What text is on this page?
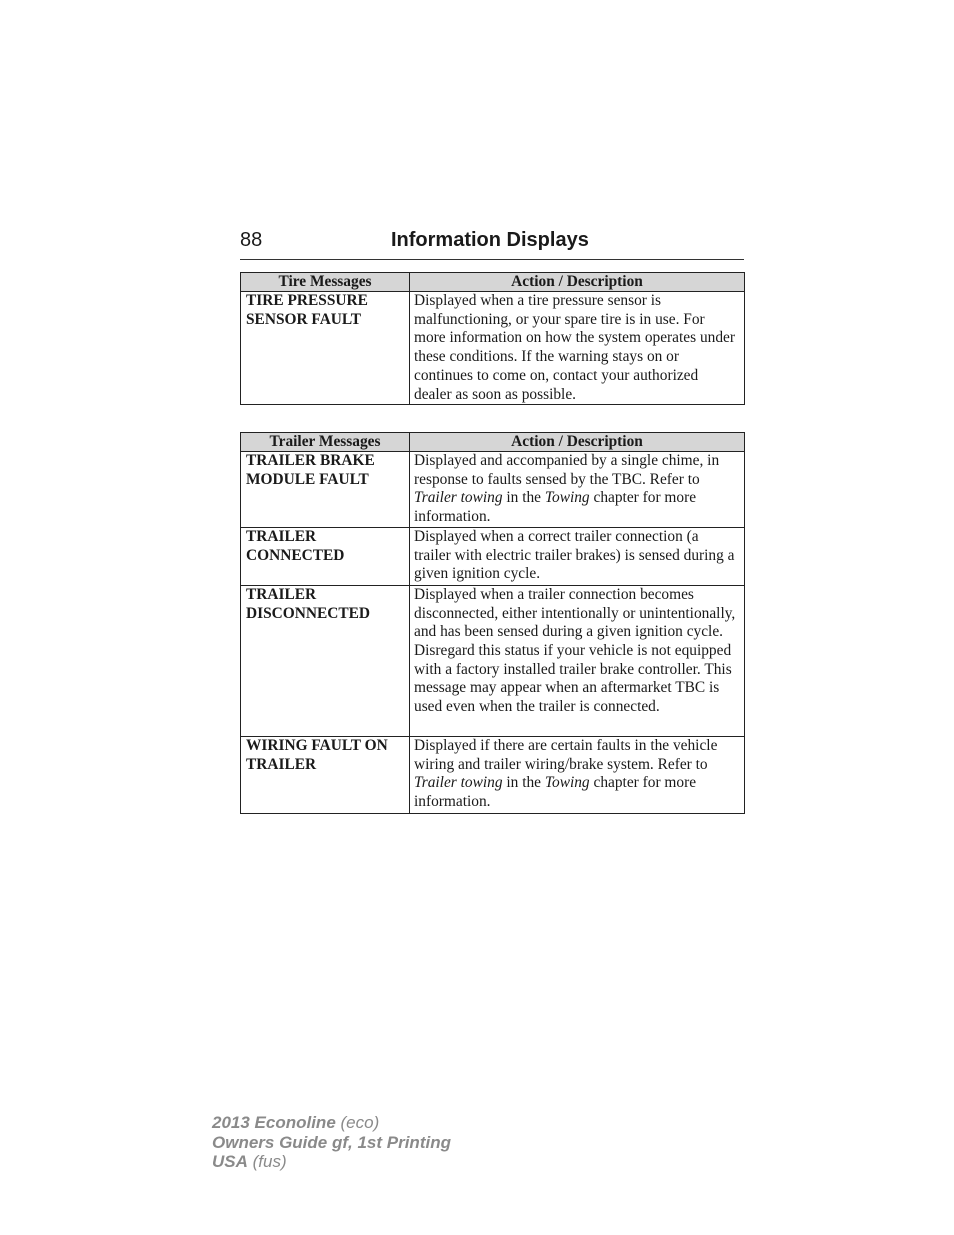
88	Information Displays
Tire Messages	Action / Description
TIRE PRESSURE SENSOR FAULT	Displayed when a tire pressure sensor is malfunctioning, or your spare tire is in use. For more information on how the system operates under these conditions. If the warning stays on or continues to come on, contact your authorized dealer as soon as possible.
Trailer Messages	Action / Description
TRAILER BRAKE MODULE FAULT	Displayed and accompanied by a single chime, in response to faults sensed by the TBC. Refer to Trailer towing in the Towing chapter for more information.
TRAILER CONNECTED	Displayed when a correct trailer connection (a trailer with electric trailer brakes) is sensed during a given ignition cycle.
TRAILER DISCONNECTED	Displayed when a trailer connection becomes disconnected, either intentionally or unintentionally, and has been sensed during a given ignition cycle. Disregard this status if your vehicle is not equipped with a factory installed trailer brake controller. This message may appear when an aftermarket TBC is used even when the trailer is connected.
WIRING FAULT ON TRAILER	Displayed if there are certain faults in the vehicle wiring and trailer wiring/brake system. Refer to Trailer towing in the Towing chapter for more information.
2013 Econoline (eco)
Owners Guide gf, 1st Printing
USA (fus)
